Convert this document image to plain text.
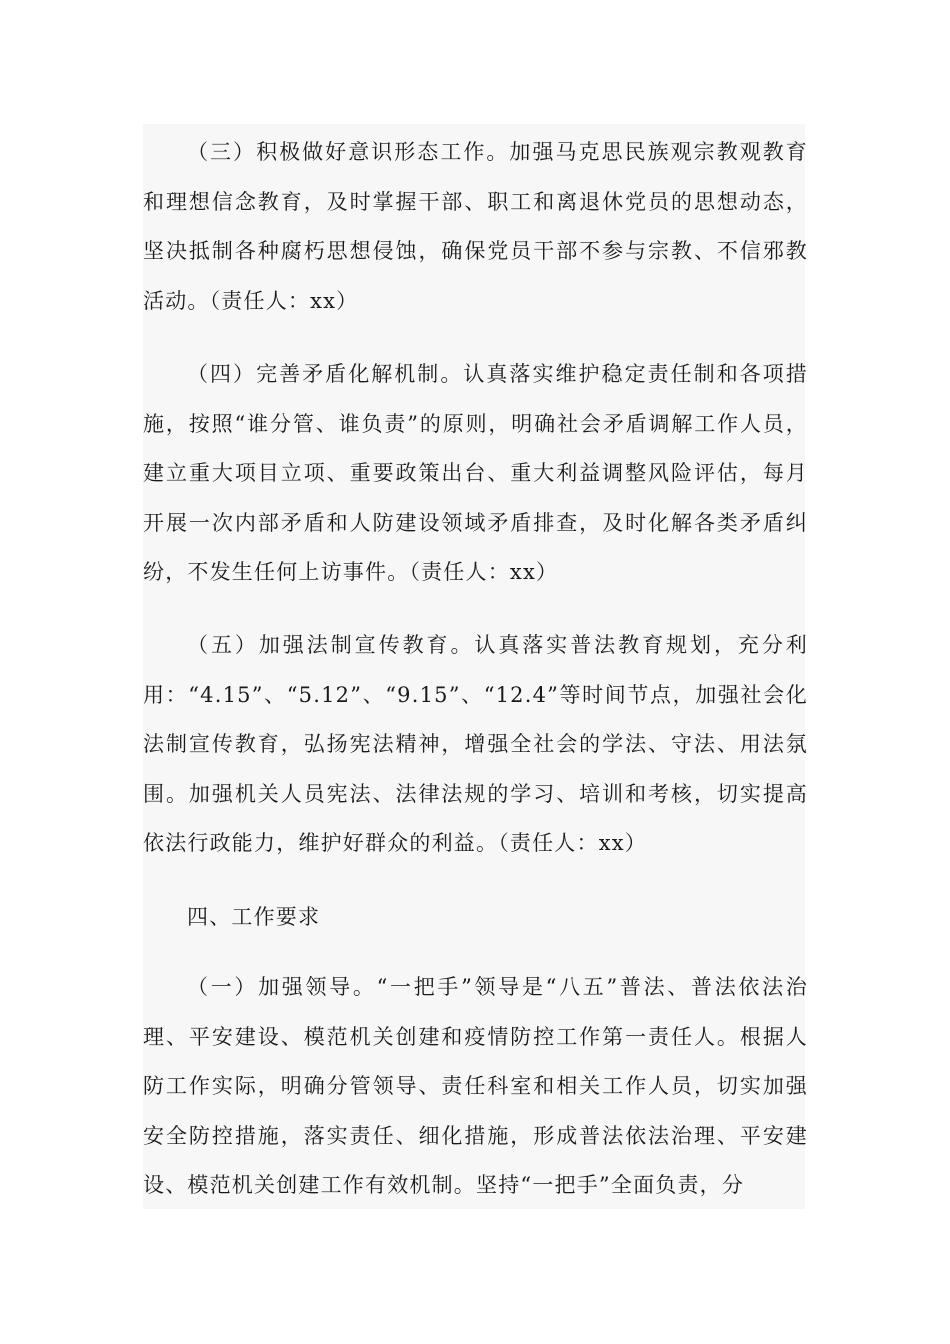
（三）积极做好意识形态工作。加强马克思民族观宗教观教育和理想信念教育，及时掌握干部、职工和离退休党员的思想动态，坚决抵制各种腐朽思想侵蚀，确保党员干部不参与宗教、不信邪教活动。（责任人：xx）

（四）完善矛盾化解机制。认真落实维护稳定责任制和各项措施，按照“谁分管、谁负责”的原则，明确社会矛盾调解工作人员，建立重大项目立项、重要政策出台、重大利益调整风险评估，每月开展一次内部矛盾和人防建设领域矛盾排查，及时化解各类矛盾纠纷，不发生任何上访事件。（责任人：xx）

（五）加强法制宣传教育。认真落实普法教育规划，充分利用：“4.15”、“5.12”、“9.15”、“12.4”等时间节点，加强社会化法制宣传教育，弘扬宪法精神，增强全社会的学法、守法、用法氛围。加强机关人员宪法、法律法规的学习、培训和考核，切实提高依法行政能力，维护好群众的利益。（责任人：xx）

四、工作要求

（一）加强领导。“一把手”领导是“八五”普法、普法依法治理、平安建设、模范机关创建和疫情防控工作第一责任人。根据人防工作实际，明确分管领导、责任科室和相关工作人员，切实加强安全防控措施，落实责任、细化措施，形成普法依法治理、平安建设、模范机关创建工作有效机制。坚持“一把手”全面负责，分
